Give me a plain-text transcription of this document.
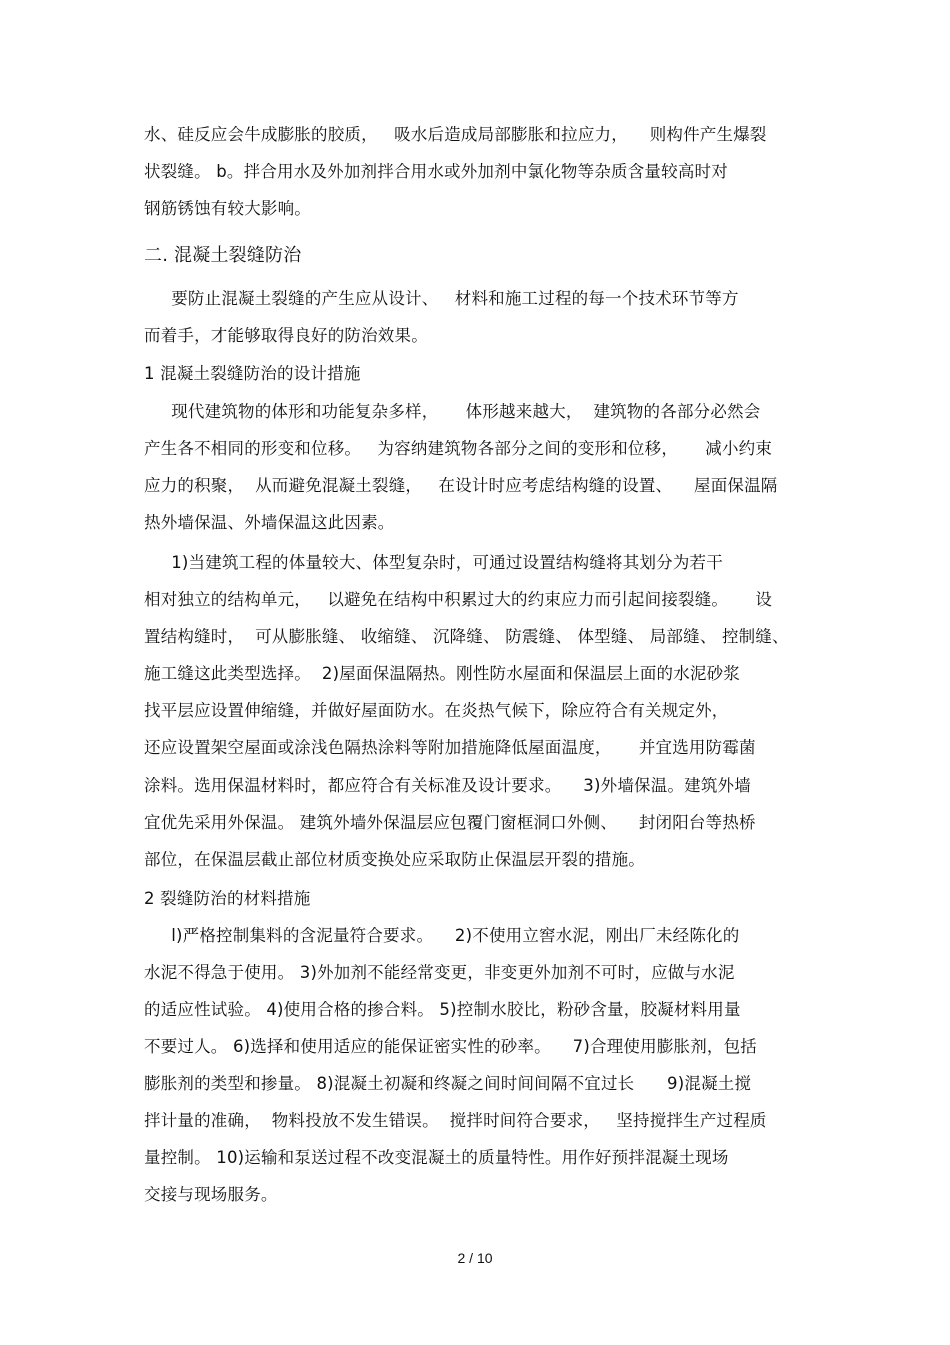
水、硅反应会牛成膨胀的胶质，   吸水后造成局部膨胀和拉应力，    则构件产生爆裂
状裂缝。 b。拌合用水及外加剂拌合用水或外加剂中氯化物等杂质含量较高时对
钢筋锈蚀有较大影响。
二. 混凝土裂缝防治
要防止混凝土裂缝的产生应从设计、   材料和施工过程的每一个技术环节等方
而着手，才能够取得良好的防治效果。
1 混凝土裂缝防治的设计措施
现代建筑物的体形和功能复杂多样，     体形越来越大，  建筑物的各部分必然会
产生各不相同的形变和位移。   为容纳建筑物各部分之间的变形和位移，     减小约束
应力的积聚，  从而避免混凝土裂缝，   在设计时应考虑结构缝的设置、    屋面保温隔
热外墙保温、外墙保温这此因素。
1)当建筑工程的体量较大、体型复杂时，可通过设置结构缝将其划分为若干
相对独立的结构单元，   以避免在结构中积累过大的约束应力而引起间接裂缝。     设
置结构缝时，  可从膨胀缝、 收缩缝、 沉降缝、 防震缝、 体型缝、 局部缝、 控制缝、
施工缝这此类型选择。  2)屋面保温隔热。刚性防水屋面和保温层上面的水泥砂浆
找平层应设置伸缩缝，并做好屋面防水。在炎热气候下，除应符合有关规定外，
还应设置架空屋面或涂浅色隔热涂料等附加措施降低屋面温度，     并宜选用防霉菌
涂料。选用保温材料时，都应符合有关标准及设计要求。    3)外墙保温。建筑外墙
宜优先采用外保温。 建筑外墙外保温层应包覆门窗框洞口外侧、    封闭阳台等热桥
部位，在保温层截止部位材质变换处应采取防止保温层开裂的措施。
2 裂缝防治的材料措施
l)严格控制集料的含泥量符合要求。    2)不使用立窖水泥，刚出厂未经陈化的
水泥不得急于使用。 3)外加剂不能经常变更，非变更外加剂不可时，应做与水泥
的适应性试验。 4)使用合格的掺合料。 5)控制水胶比，粉砂含量，胶凝材料用量
不要过人。 6)选择和使用适应的能保证密实性的砂率。    7)合理使用膨胀剂，包括
膨胀剂的类型和掺量。 8)混凝土初凝和终凝之间时间间隔不宜过长      9)混凝土搅
拌计量的准确，  物料投放不发生错误。  搅拌时间符合要求，   坚持搅拌生产过程质
量控制。 10)运输和泵送过程不改变混凝土的质量特性。用作好预拌混凝土现场
交接与现场服务。
2 / 10
